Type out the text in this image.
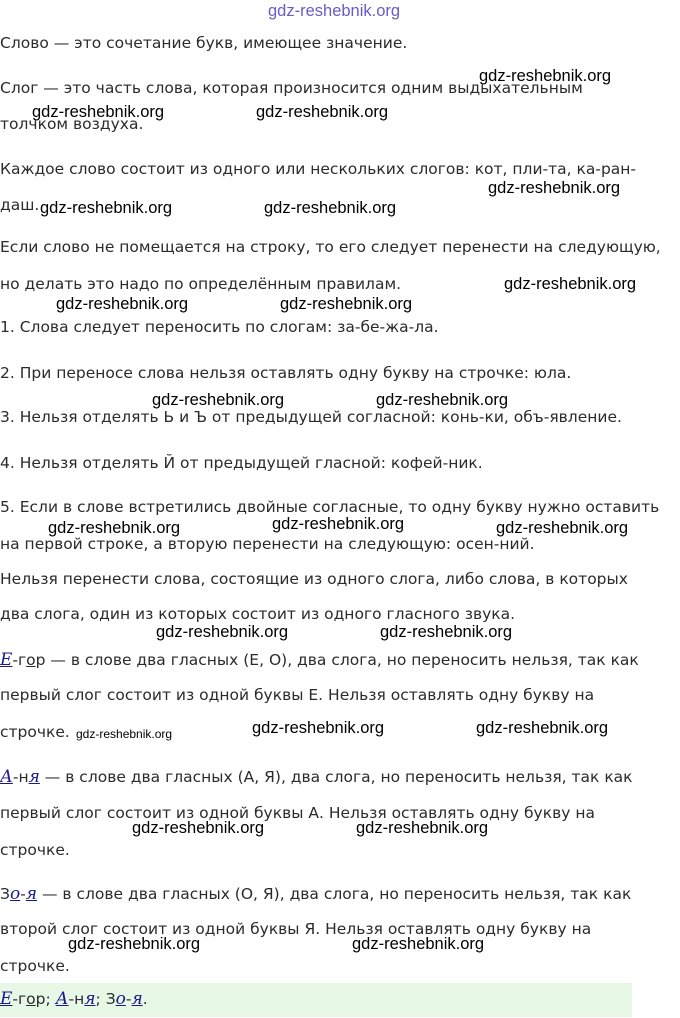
gdz-reshebnik.org
gdz-reshebnik.org
gdz-reshebnik.org	gdz-reshebnik.org
gdz-reshebnik.org
gdz-reshebnik.org	gdz-reshebnik.org
gdz-reshebnik.org
gdz-reshebnik.org	gdz-reshebnik.org
gdz-reshebnik.org	gdz-reshebnik.org
gdz-reshebnik.org
gdz-reshebnik.org	gdz-reshebnik.org
gdz-reshebnik.org	gdz-reshebnik.org
gdz-reshebnik.org	gdz-reshebnik.org	gdz-reshebnik.org
gdz-reshebnik.org	gdz-reshebnik.org
gdz-reshebnik.org	gdz-reshebnik.org

Слово — это сочетание букв, имеющее значение.

Слог — это часть слова, которая произносится одним выдыхательным

толчком воздуха.

Каждое слово состоит из одного или нескольких слогов: кот, пли-та, ка-ран-

даш.

Если слово не помещается на строку, то его следует перенести на следующую,

но делать это надо по определённым правилам.

1. Слова следует переносить по слогам: за-бе-жа-ла.

2. При переносе слова нельзя оставлять одну букву на строчке: юла.

3. Нельзя отделять Ь и Ъ от предыдущей согласной: конь-ки, объ-явление.

4. Нельзя отделять Й от предыдущей гласной: кофей-ник.

5. Если в слове встретились двойные согласные, то одну букву нужно оставить

на первой строке, а вторую перенести на следующую: осен-ний.

Нельзя перенести слова, состоящие из одного слога, либо слова, в которых

два слога, один из которых состоит из одного гласного звука.

Е-гор — в слове два гласных (Е, О), два слога, но переносить нельзя, так как

первый слог состоит из одной буквы Е. Нельзя оставлять одну букву на

строчке.

А-ня — в слове два гласных (А, Я), два слога, но переносить нельзя, так как

первый слог состоит из одной буквы А. Нельзя оставлять одну букву на

строчке.

Зо-я — в слове два гласных (О, Я), два слога, но переносить нельзя, так как

второй слог состоит из одной буквы Я. Нельзя оставлять одну букву на

строчке.

Е-гор; А-ня; Зо-я.
